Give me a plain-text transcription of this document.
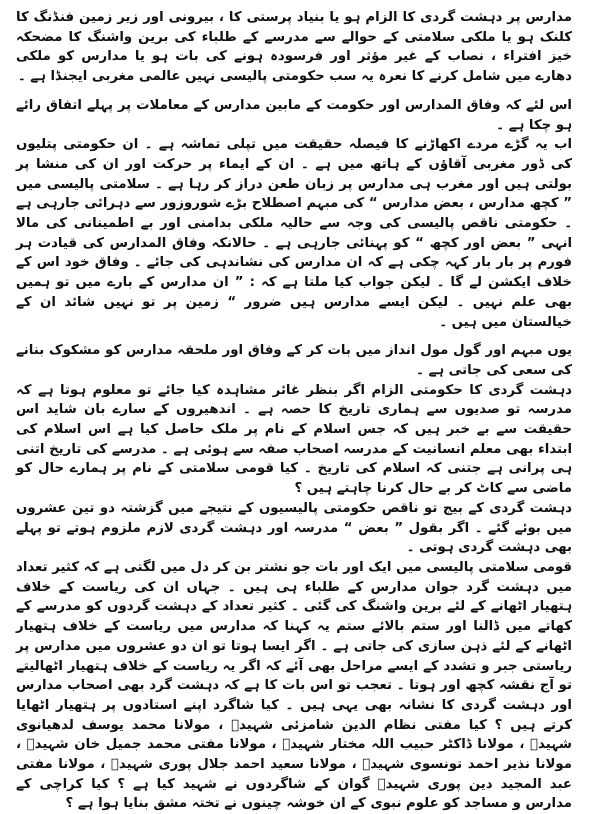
مدارس پر دہشت گردی کا الزام ہو یا بنیاد پرستی کا ، بیرونی اور زیر زمین فنڈنگ کا کلنک ہو یا ملکی سلامتی کے حوالے سے مدرسے کے طلباء کی برین واشنگ کا مضحکہ خیز افتراء ، نصاب کے غیر مؤثر اور فرسودہ ہونے کی بات ہو یا مدارس کو ملکی دھارے میں شامل کرنے کا نعرہ یہ سب حکومتی پالیسی نہیں عالمی مغربی ایجنڈا ہے ۔

اس لئے کہ وفاق المدارس اور حکومت کے مابین مدارس کے معاملات پر پہلے اتفاق رائے ہو چکا ہے ۔

اب یہ گڑے مردے اکھاڑنے کا فیصلہ حقیقت میں تپلی تماشہ ہے ۔ ان حکومتی پتلیوں کی ڈور مغربی آقاؤں کے ہاتھ میں ہے ۔ ان کے ایماء پر حرکت اور ان کی منشا پر بولتی ہیں اور مغرب ہی مدارس پر زبان طعن دراز کر رہا ہے ۔ سلامتی پالیسی میں ” کچھ مدارس ، بعض مدارس “ کی مبہم اصطلاح بڑے شوروزور سے دہرائی جارہی ہے ۔ حکومتی ناقص پالیسی کی وجہ سے حالیہ ملکی بدامنی اور بے اطمینانی کی مالا انہی ” بعض اور کچھ “ کو پہنائی جارہی ہے ۔ حالانکہ وفاق المدارس کی قیادت ہر فورم پر بار بار کہہ چکی ہے کہ ان مدارس کی نشاندہی کی جائے ۔ وفاق خود اس کے خلاف ایکشن لے گا ۔ لیکن جواب کیا ملتا ہے کہ : ” ان مدارس کے بارے میں تو ہمیں بھی علم نہیں ۔ لیکن ایسے مدارس ہیں ضرور “ زمین پر تو نہیں شائد ان کے خیالستان میں ہیں ۔

یوں مبہم اور گول مول انداز میں بات کر کے وفاق اور ملحقہ مدارس کو مشکوک بنانے کی سعی کی جاتی ہے ۔

دہشت گردی کا حکومتی الزام اگر بنظر غائر مشاہدہ کیا جائے تو معلوم ہوتا ہے کہ مدرسہ تو صدیوں سے ہماری تاریخ کا حصہ ہے ۔ اندھیروں کے سارے بان شاید اس حقیقت سے بے خبر ہیں کہ جس اسلام کے نام پر ملک حاصل کیا ہے اس اسلام کی ابتداء بھی معلم انسانیت کے مدرسہ اصحاب صفہ سے ہوئی ہے ۔ مدرسے کی تاریخ اتنی ہی پرانی ہے جتنی کہ اسلام کی تاریخ ۔ کیا قومی سلامتی کے نام پر ہمارے حال کو ماضی سے کاٹ کر بے حال کرنا چاہتے ہیں ؟

دہشت گردی کے بیج تو ناقص حکومتی پالیسیوں کے نتیجے میں گزشتہ دو تین عشروں میں بوئے گئے ۔ اگر بقول ” بعض “ مدرسہ اور دہشت گردی لازم ملزوم ہوتے تو پہلے بھی دہشت گردی ہوتی ۔

قومی سلامتی پالیسی میں ایک اور بات جو نشتر بن کر دل میں لگتی ہے کہ کثیر تعداد میں دہشت گرد جوان مدارس کے طلباء ہی ہیں ۔ جہاں ان کی ریاست کے خلاف ہتھیار اٹھانے کے لئے برین واشنگ کی گئی ۔ کثیر تعداد کے دہشت گردوں کو مدرسے کے کھاتے میں ڈالنا اور ستم بالائے ستم یہ کہنا کہ مدارس میں ریاست کے خلاف ہتھیار اٹھانے کے لئے ذہن سازی کی جاتی ہے ۔ اگر ایسا ہوتا تو ان دو عشروں میں مدارس پر ریاستی جبر و تشدد کے ایسے مراحل بھی آئے کہ اگر یہ ریاست کے خلاف ہتھیار اٹھالیتے تو آج نقشہ کچھ اور ہوتا ۔ تعجب تو اس بات کا ہے کہ دہشت گرد بھی اصحاب مدارس اور دہشت گردی کا نشانہ بھی یہی ہیں ۔ کیا شاگرد اپنے استادوں پر ہتھیار اٹھایا کرتے ہیں ؟ کیا مفتی نظام الدین شامزئی شہیدؒ ، مولانا محمد یوسف لدھیانوی شہیدؒ ، مولانا ڈاکٹر حبیب اللہ مختار شہیدؒ ، مولانا مفتی محمد جمیل خان شہیدؒ ، مولانا نذیر احمد تونسوی شہیدؒ ، مولانا سعید احمد جلال پوری شہیدؒ ، مولانا مفتی عبد المجید دین پوری شہیدؒ گوان کے شاگردوں نے شہید کیا ہے ؟ کیا کراچی کے مدارس و مساجد کو علوم نبوی کے ان خوشہ چینوں نے تختہ مشق بنایا ہوا ہے ؟
